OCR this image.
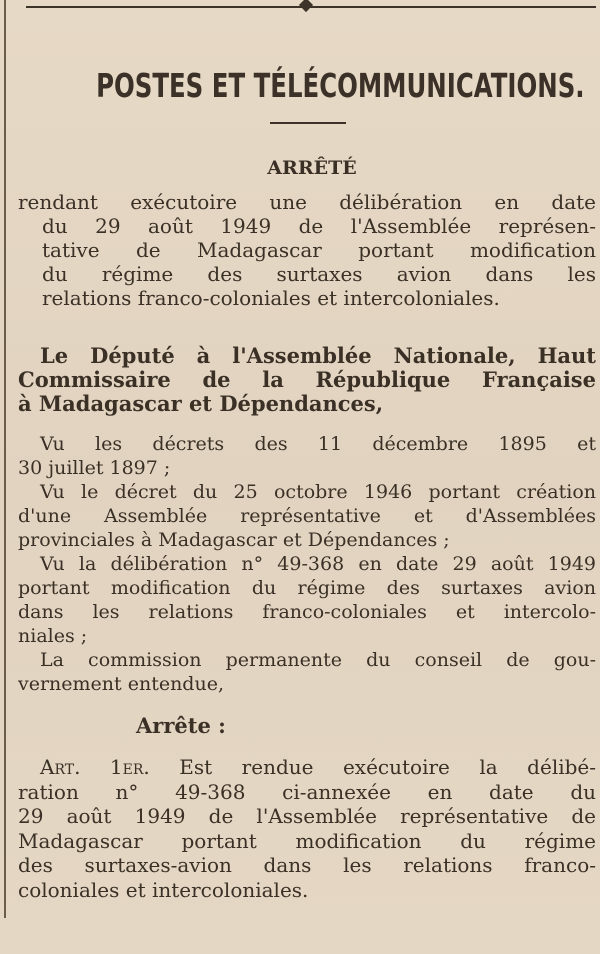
POSTES ET TÉLÉCOMMUNICATIONS.
ARRÊTÉ
rendant exécutoire une délibération en date
du 29 août 1949 de l'Assemblée représen-
tative de Madagascar portant modification
du régime des surtaxes avion dans les
relations franco-coloniales et intercoloniales.
Le Député à l'Assemblée Nationale, Haut
Commissaire de la République Française
à Madagascar et Dépendances,
Vu les décrets des 11 décembre 1895 et
30 juillet 1897 ;
Vu le décret du 25 octobre 1946 portant création
d'une Assemblée représentative et d'Assemblées
provinciales à Madagascar et Dépendances ;
Vu la délibération n° 49-368 en date 29 août 1949
portant modification du régime des surtaxes avion
dans les relations franco-coloniales et intercolo-
niales ;
La commission permanente du conseil de gou-
vernement entendue,
Arrête :
Art. 1er. Est rendue exécutoire la délibé-
ration n° 49-368 ci-annexée en date du
29 août 1949 de l'Assemblée représentative de
Madagascar portant modification du régime
des surtaxes-avion dans les relations franco-
coloniales et intercoloniales.
